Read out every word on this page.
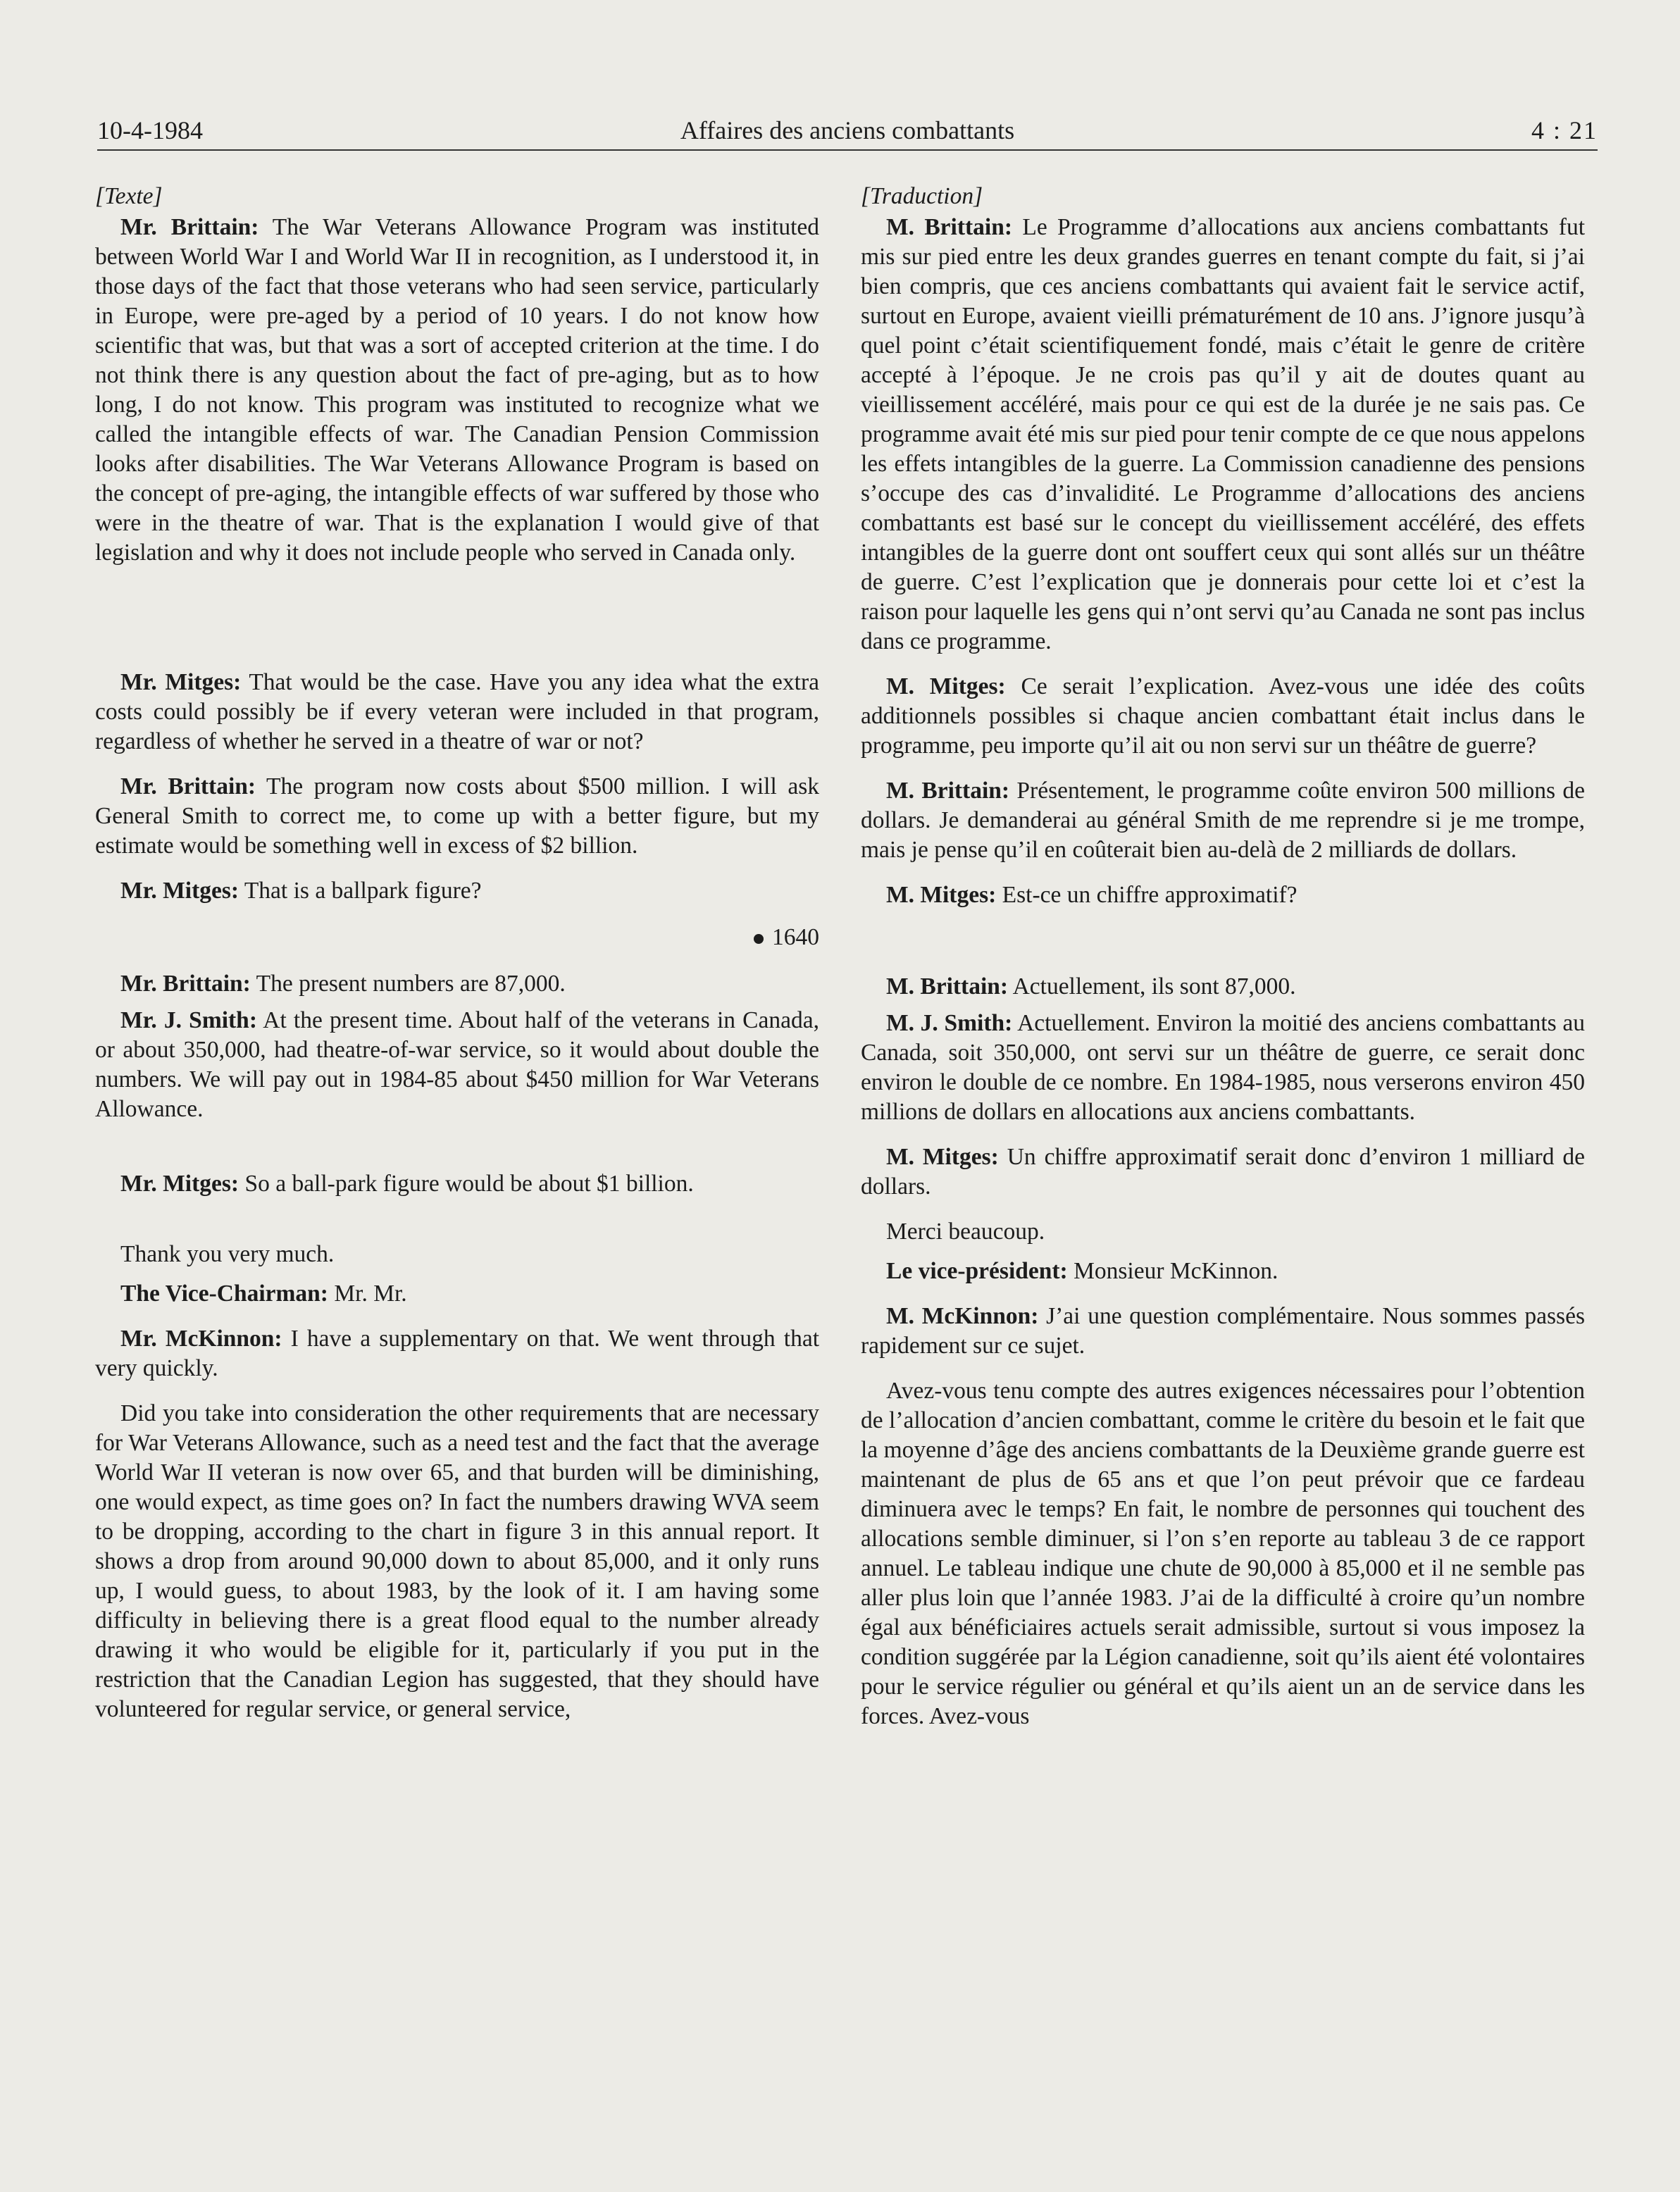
10-4-1984	Affaires des anciens combattants	4 : 21

[Texte]

Mr. Brittain: The War Veterans Allowance Program was instituted between World War I and World War II in recognition, as I understood it, in those days of the fact that those veterans who had seen service, particularly in Europe, were pre-aged by a period of 10 years. I do not know how scientific that was, but that was a sort of accepted criterion at the time. I do not think there is any question about the fact of pre-aging, but as to how long, I do not know. This program was instituted to recognize what we called the intangible effects of war. The Canadian Pension Commission looks after disabilities. The War Veterans Allowance Program is based on the concept of pre-aging, the intangible effects of war suffered by those who were in the theatre of war. That is the explanation I would give of that legislation and why it does not include people who served in Canada only.

Mr. Mitges: That would be the case. Have you any idea what the extra costs could possibly be if every veteran were included in that program, regardless of whether he served in a theatre of war or not?

Mr. Brittain: The program now costs about $500 million. I will ask General Smith to correct me, to come up with a better figure, but my estimate would be something well in excess of $2 billion.

Mr. Mitges: That is a ballpark figure?

1640

Mr. Brittain: The present numbers are 87,000.

Mr. J. Smith: At the present time. About half of the veterans in Canada, or about 350,000, had theatre-of-war service, so it would about double the numbers. We will pay out in 1984-85 about $450 million for War Veterans Allowance.

Mr. Mitges: So a ball-park figure would be about $1 billion.

Thank you very much.

The Vice-Chairman: Mr. Mr.

Mr. McKinnon: I have a supplementary on that. We went through that very quickly.

Did you take into consideration the other requirements that are necessary for War Veterans Allowance, such as a need test and the fact that the average World War II veteran is now over 65, and that burden will be diminishing, one would expect, as time goes on? In fact the numbers drawing WVA seem to be dropping, according to the chart in figure 3 in this annual report. It shows a drop from around 90,000 down to about 85,000, and it only runs up, I would guess, to about 1983, by the look of it. I am having some difficulty in believing there is a great flood equal to the number already drawing it who would be eligible for it, particularly if you put in the restriction that the Canadian Legion has suggested, that they should have volunteered for regular service, or general service,

[Traduction]

M. Brittain: Le Programme d’allocations aux anciens combattants fut mis sur pied entre les deux grandes guerres en tenant compte du fait, si j’ai bien compris, que ces anciens combattants qui avaient fait le service actif, surtout en Europe, avaient vieilli prématurément de 10 ans. J’ignore jusqu’à quel point c’était scientifiquement fondé, mais c’était le genre de critère accepté à l’époque. Je ne crois pas qu’il y ait de doutes quant au vieillissement accéléré, mais pour ce qui est de la durée je ne sais pas. Ce programme avait été mis sur pied pour tenir compte de ce que nous appelons les effets intangibles de la guerre. La Commission canadienne des pensions s’occupe des cas d’invalidité. Le Programme d’allocations des anciens combattants est basé sur le concept du vieillissement accéléré, des effets intangibles de la guerre dont ont souffert ceux qui sont allés sur un théâtre de guerre. C’est l’explication que je donnerais pour cette loi et c’est la raison pour laquelle les gens qui n’ont servi qu’au Canada ne sont pas inclus dans ce programme.

M. Mitges: Ce serait l’explication. Avez-vous une idée des coûts additionnels possibles si chaque ancien combattant était inclus dans le programme, peu importe qu’il ait ou non servi sur un théâtre de guerre?

M. Brittain: Présentement, le programme coûte environ 500 millions de dollars. Je demanderai au général Smith de me reprendre si je me trompe, mais je pense qu’il en coûterait bien au-delà de 2 milliards de dollars.

M. Mitges: Est-ce un chiffre approximatif?

M. Brittain: Actuellement, ils sont 87,000.

M. J. Smith: Actuellement. Environ la moitié des anciens combattants au Canada, soit 350,000, ont servi sur un théâtre de guerre, ce serait donc environ le double de ce nombre. En 1984-1985, nous verserons environ 450 millions de dollars en allocations aux anciens combattants.

M. Mitges: Un chiffre approximatif serait donc d’environ 1 milliard de dollars.

Merci beaucoup.

Le vice-président: Monsieur McKinnon.

M. McKinnon: J’ai une question complémentaire. Nous sommes passés rapidement sur ce sujet.

Avez-vous tenu compte des autres exigences nécessaires pour l’obtention de l’allocation d’ancien combattant, comme le critère du besoin et le fait que la moyenne d’âge des anciens combattants de la Deuxième grande guerre est maintenant de plus de 65 ans et que l’on peut prévoir que ce fardeau diminuera avec le temps? En fait, le nombre de personnes qui touchent des allocations semble diminuer, si l’on s’en reporte au tableau 3 de ce rapport annuel. Le tableau indique une chute de 90,000 à 85,000 et il ne semble pas aller plus loin que l’année 1983. J’ai de la difficulté à croire qu’un nombre égal aux bénéficiaires actuels serait admissible, surtout si vous imposez la condition suggérée par la Légion canadienne, soit qu’ils aient été volontaires pour le service régulier ou général et qu’ils aient un an de service dans les forces. Avez-vous
